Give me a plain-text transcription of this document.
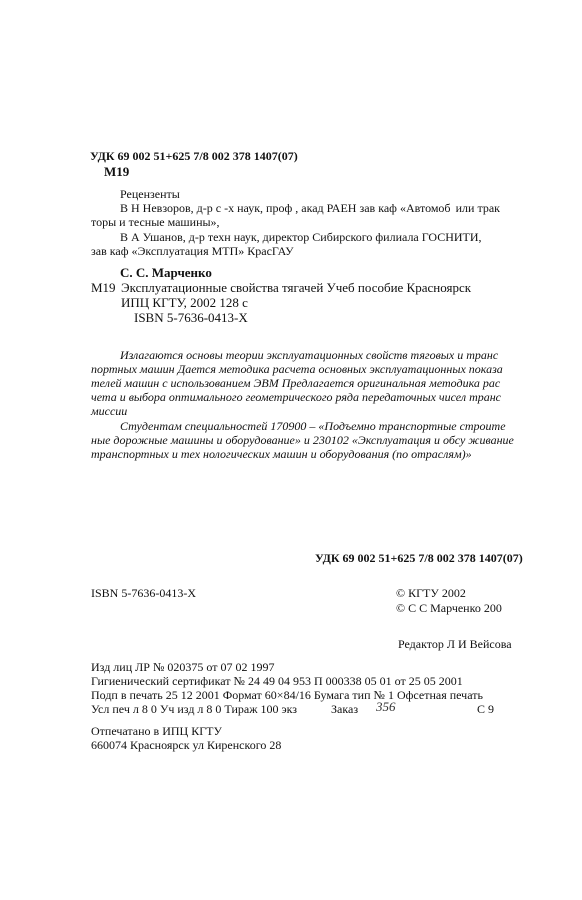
УДК 69 002 51+625 7/8 002 378 1407(07)
М19
Рецензенты
В Н Невзоров, д-р с -х наук, проф , акад РАЕН зав каф «Автомоб или трак
торы и тесные машины»,
В А Ушанов, д-р техн наук, директор Сибирского филиала ГОСНИТИ,
зав каф «Эксплуатация МТП» КрасГАУ
С. С. Марченко
М19 Эксплуатационные свойства тягачей Учеб пособие Красноярск
ИПЦ КГТУ, 2002 128 с
ISBN 5-7636-0413-Х
Излагаются основы теории эксплуатационных свойств тяговых и транс
портных машин Дается методика расчета основных эксплуатационных показа
телей машин с использованием ЭВМ Предлагается оригинальная методика рас
чета и выбора оптимального геометрического ряда передаточных чисел транс
миссии
Студентам специальностей 170900 – «Подъемно транспортные строите
ные дорожные машины и оборудование» и 230102 «Эксплуатация и обсу живание
транспортных и тех нологических машин и оборудования (по отраслям)»
УДК 69 002 51+625 7/8 002 378 1407(07)
ISBN 5-7636-0413-Х	© КГТУ 2002
© С С Марченко 200
Редактор Л И Вейсова
Изд лиц ЛР № 020375 от 07 02 1997
Гигиенический сертификат № 24 49 04 953 П 000338 05 01 от 25 05 2001
Подп в печать 25 12 2001 Формат 60×84/16 Бумага тип № 1 Офсетная печать
Усл печ л 8 0 Уч изд л 8 0 Тираж 100 экз	Заказ 356	С 9
Отпечатано в ИПЦ КГТУ
660074 Красноярск ул Киренского 28
